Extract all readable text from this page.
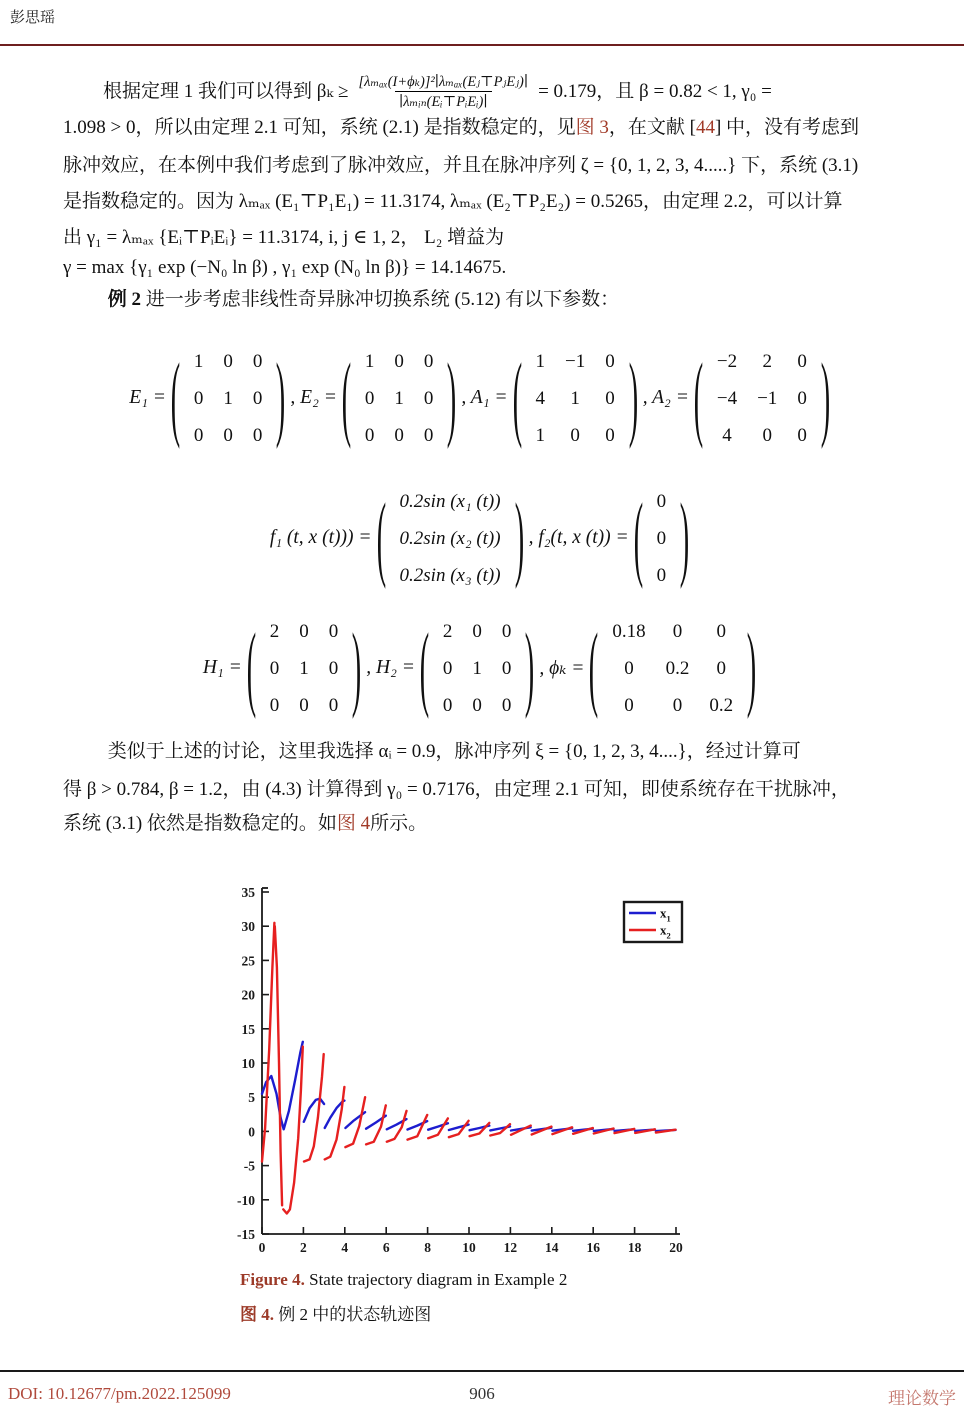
彭思瑶
根据定理 1 我们可以得到 $\beta_k \ge \frac{\text{[λₘₐₓ(I+ϕₖ)]²∣λₘₐₓ(Eⱼ⊤PⱼEⱼ)∣}}{\text{∣λₘᵢₙ(Eᵢ⊤PᵢEᵢ)∣}} = 0.179$，且 β = 0.82 < 1, γ₀ =
1.098 > 0，所以由定理 2.1 可知，系统 (2.1) 是指数稳定的，见图 3，在文献 [44] 中，没有考虑到
脉冲效应，在本例中我们考虑到了脉冲效应，并且在脉冲序列 ζ = {0, 1, 2, 3, 4.....} 下，系统 (3.1)
是指数稳定的。因为 λₘₐₓ (E₁⊤P₁E₁) = 11.3174, λₘₐₓ (E₂⊤P₂E₂) = 0.5265，由定理 2.2，可以计算
出 γ₁ = λₘₐₓ {Eᵢ⊤PᵢEᵢ} = 11.3174, i, j ∈ 1, 2， L₂ 增益为
γ = max {γ₁ exp (−N₀ ln β) , γ₁ exp (N₀ ln β)} = 14.14675.
例 2 进一步考虑非线性奇异脉冲切换系统 (5.12) 有以下参数：
E₁ = ( 1	0	0
0	1	0
0	0	0 ) , E₂ = ( 1	0	0
0	1	0
0	0	0 ) , A₁ = ( 1	−1	0
4	1	0
1	0	0 ) , A₂ = ( −2	2	0
−4	−1	0
4	0	0 )
f₁ (t, x (t))) = ( 0.2sin (x₁ (t))
0.2sin (x₂ (t))
0.2sin (x₃ (t)) ) , f₂(t, x (t)) = ( 0
0
0 )
H₁ = ( 2	0	0
0	1	0
0	0	0 ) , H₂ = ( 2	0	0
0	1	0
0	0	0 ) , ϕₖ = ( 0.18	0	0
0	0.2	0
0	0	0.2 )
类似于上述的讨论，这里我选择 αᵢ = 0.9，脉冲序列 ξ = {0, 1, 2, 3, 4....}，经过计算可
得 β > 0.784, β = 1.2，由 (4.3) 计算得到 γ₀ = 0.7176，由定理 2.1 可知，即使系统存在干扰脉冲，
系统 (3.1) 依然是指数稳定的。如图 4所示。
0	2	4	6	8 10 12 14 16 18 20
-15
-10
-5
0
5
10
15
20
25
30
35
$x_1$
$x_2$
Figure 4. State trajectory diagram in Example 2
图 4. 例 2 中的状态轨迹图
906
DOI: 10.12677/pm.2022.125099	理论数学
